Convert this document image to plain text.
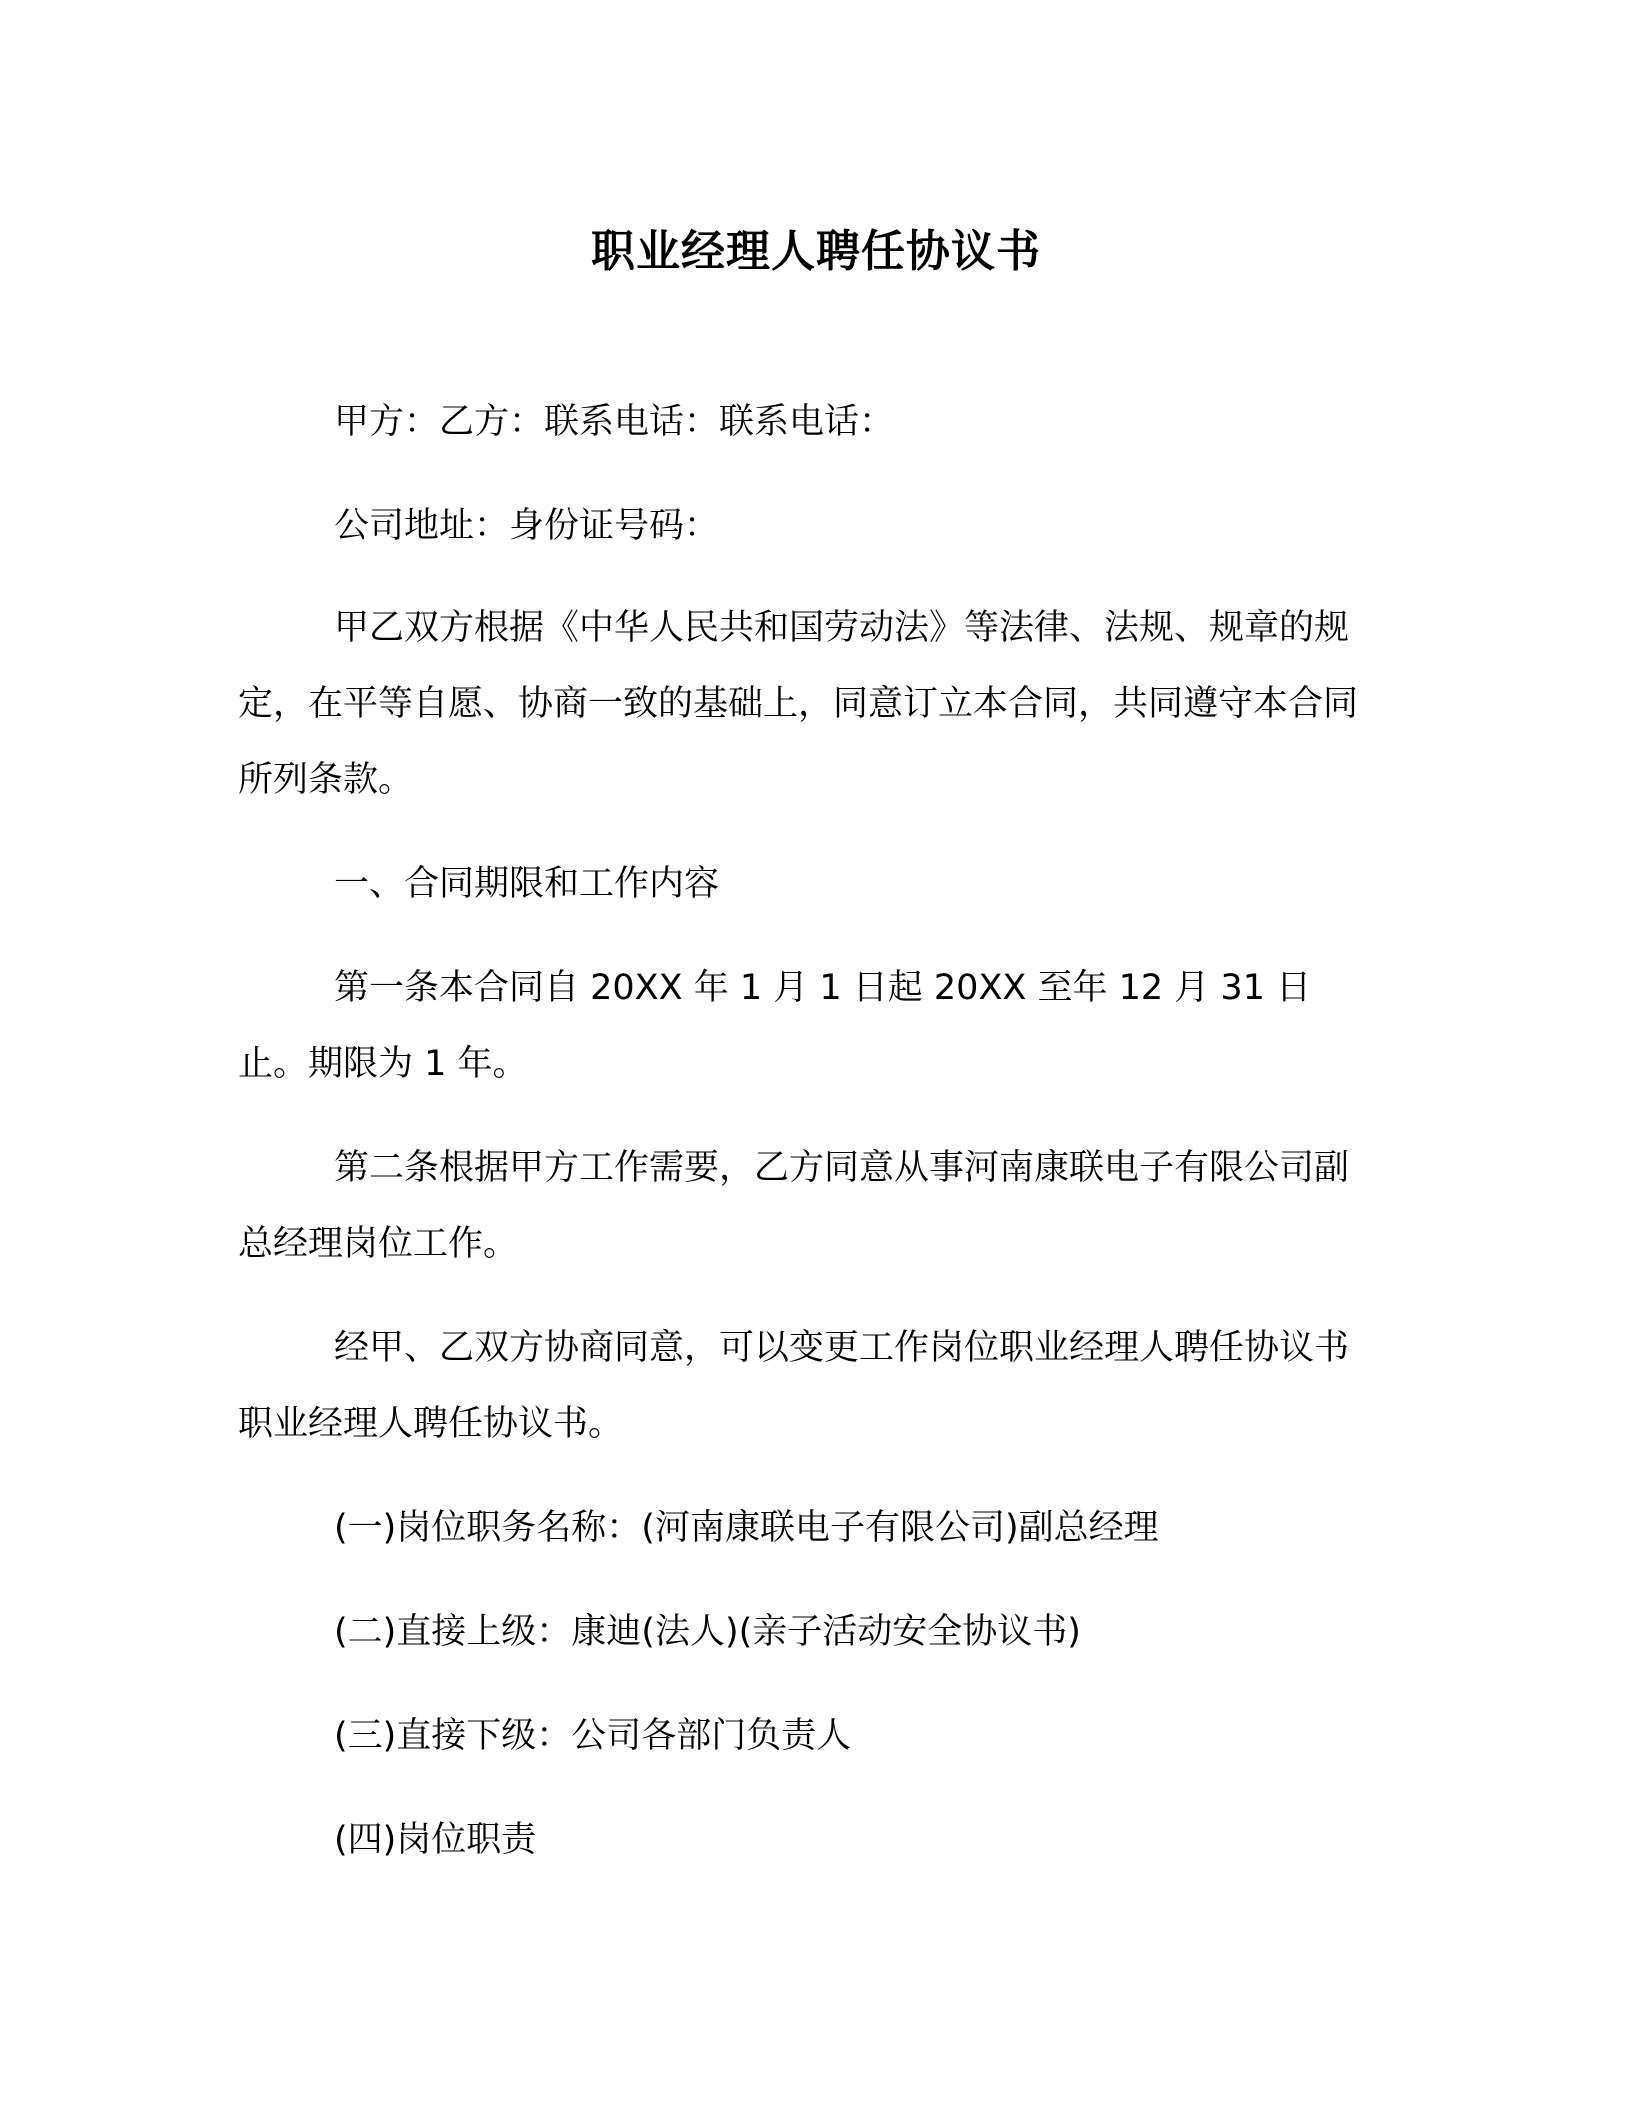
职业经理人聘任协议书

甲方：乙方：联系电话：联系电话：

公司地址：身份证号码：

甲乙双方根据《中华人民共和国劳动法》等法律、法规、规章的规定，在平等自愿、协商一致的基础上，同意订立本合同，共同遵守本合同所列条款。

一、合同期限和工作内容

第一条本合同自 20XX 年 1 月 1 日起 20XX 至年 12 月 31 日止。期限为 1 年。

第二条根据甲方工作需要，乙方同意从事河南康联电子有限公司副总经理岗位工作。

经甲、乙双方协商同意，可以变更工作岗位职业经理人聘任协议书职业经理人聘任协议书。

(一)岗位职务名称：(河南康联电子有限公司)副总经理

(二)直接上级：康迪(法人)(亲子活动安全协议书)

(三)直接下级：公司各部门负责人

(四)岗位职责
